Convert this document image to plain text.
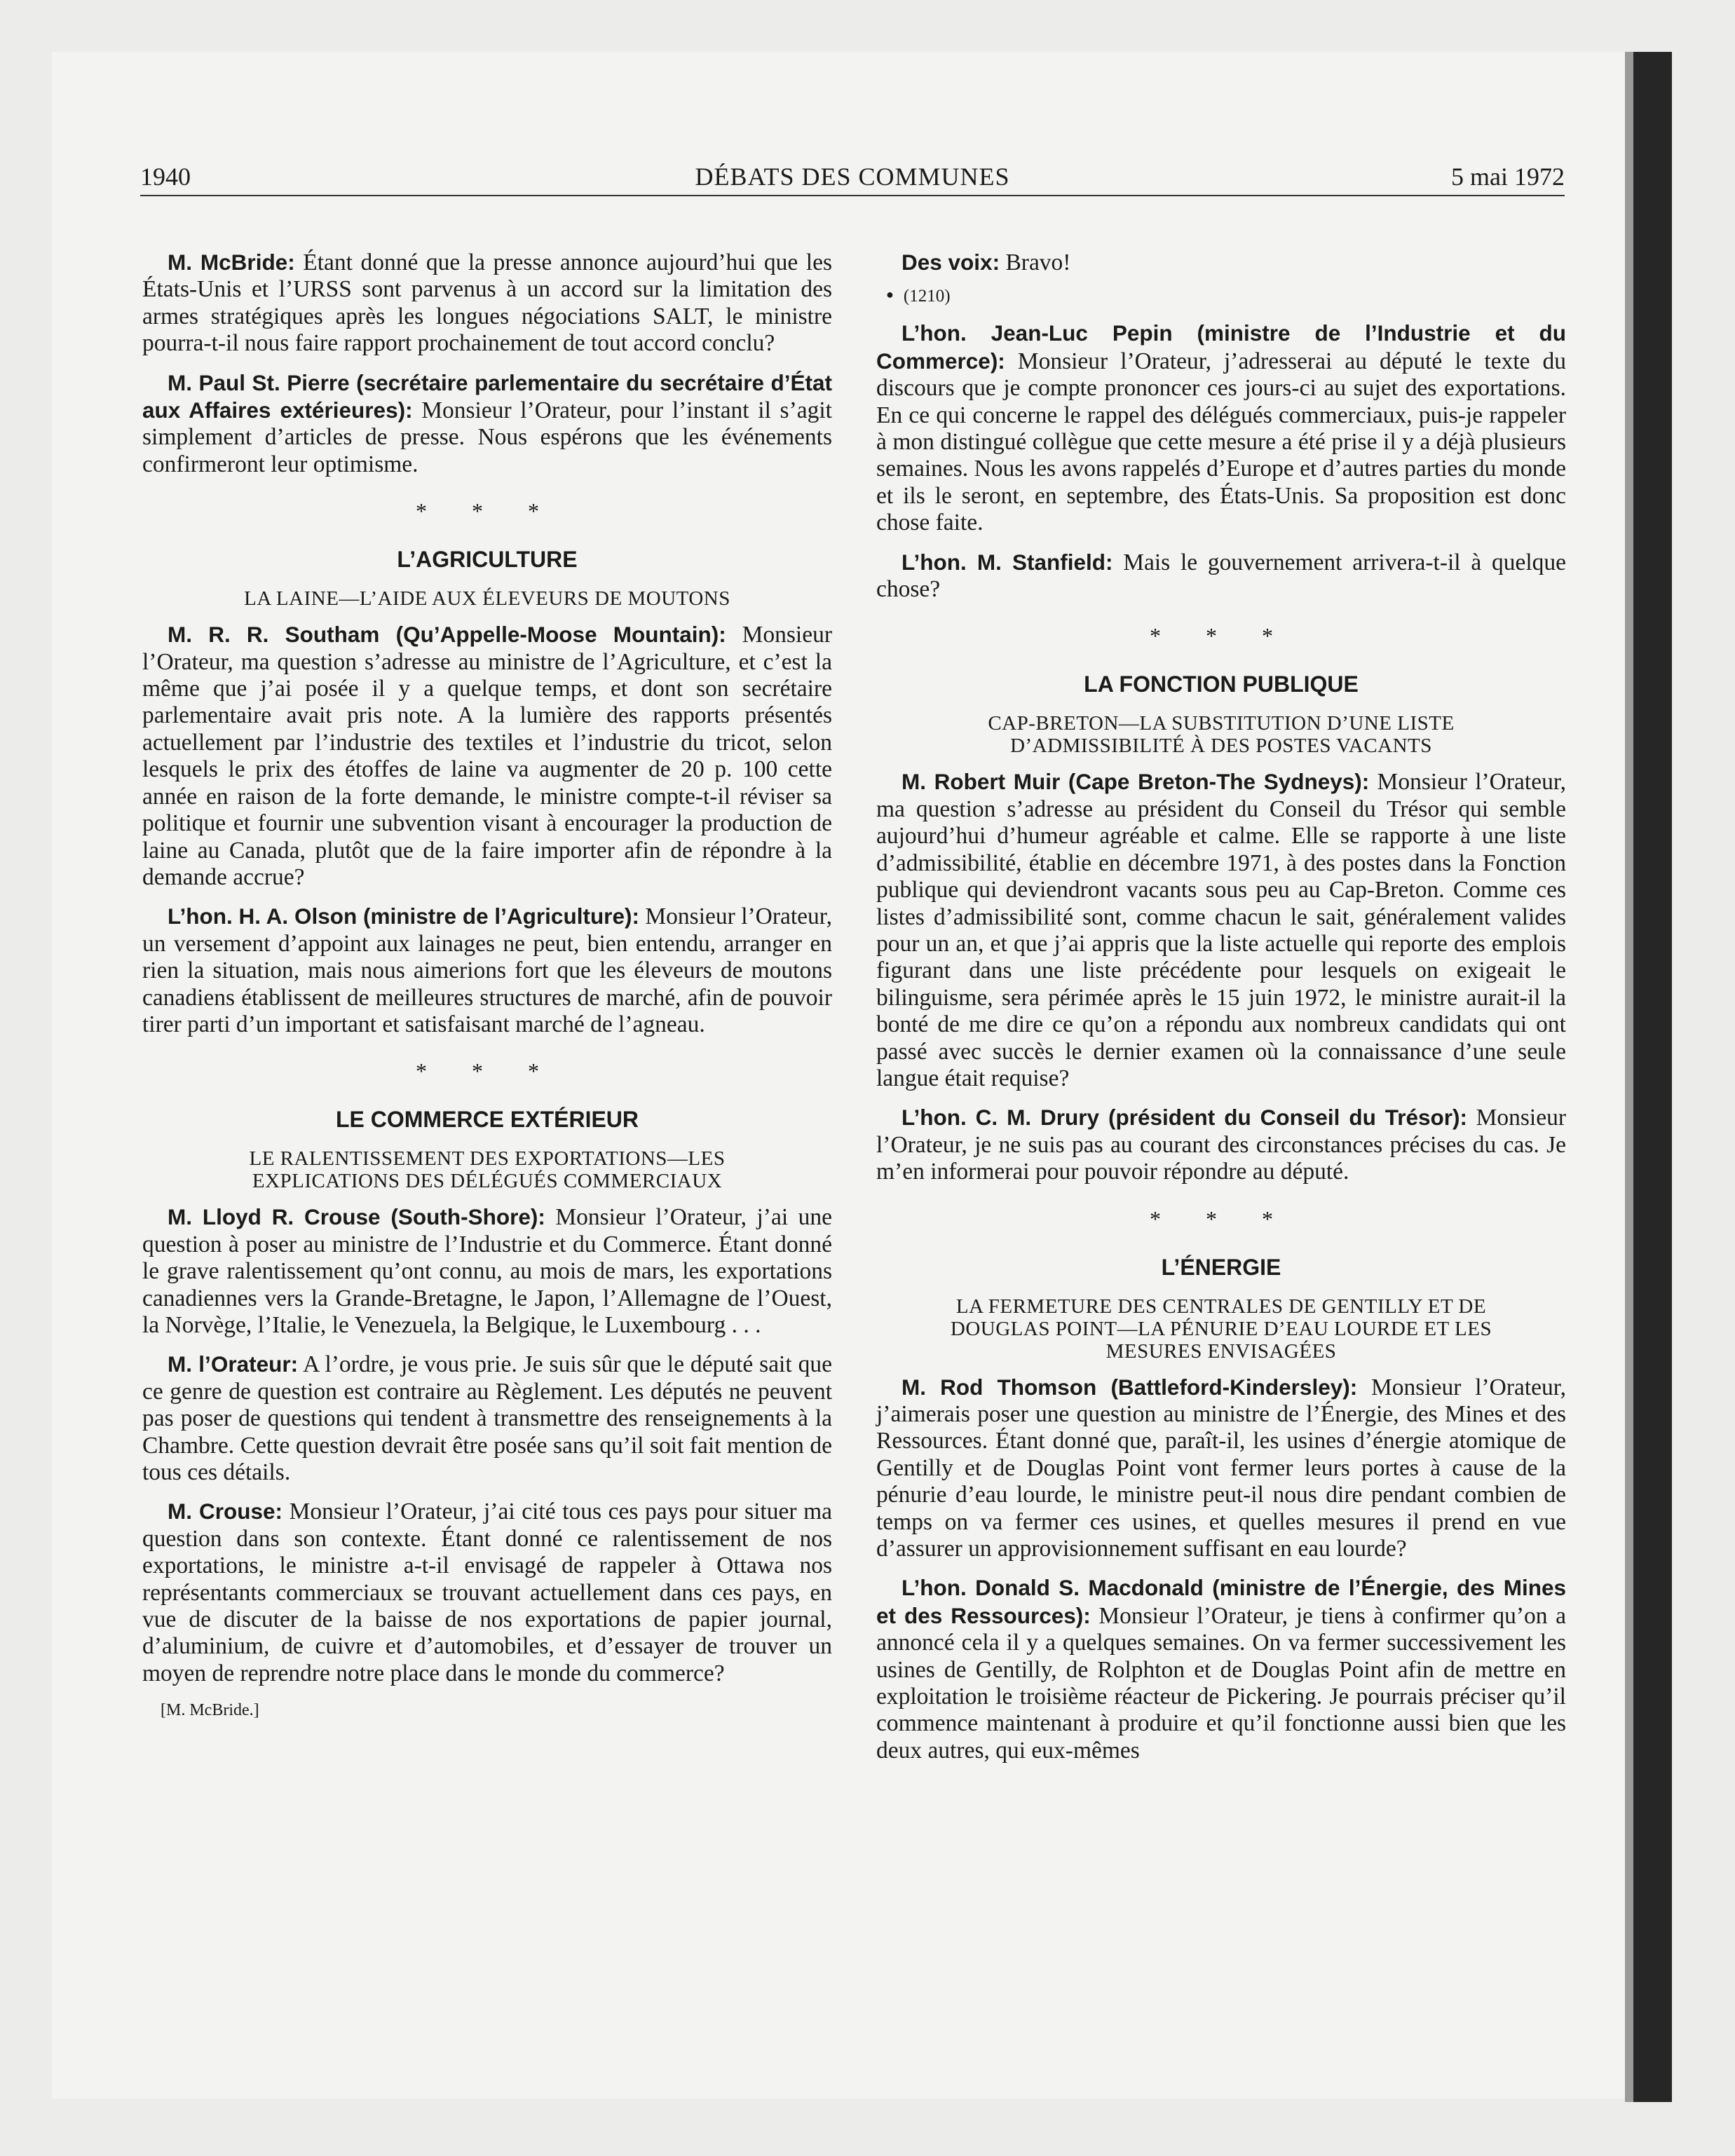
1940	DÉBATS DES COMMUNES	5 mai 1972

M. McBride: Étant donné que la presse annonce aujourd’hui que les États-Unis et l’URSS sont parvenus à un accord sur la limitation des armes stratégiques après les longues négociations SALT, le ministre pourra-t-il nous faire rapport prochainement de tout accord conclu?

M. Paul St. Pierre (secrétaire parlementaire du secrétaire d’État aux Affaires extérieures): Monsieur l’Orateur, pour l’instant il s’agit simplement d’articles de presse. Nous espérons que les événements confirmeront leur optimisme.

* * *
L’AGRICULTURE
LA LAINE—L’AIDE AUX ÉLEVEURS DE MOUTONS

M. R. R. Southam (Qu’Appelle-Moose Mountain): Monsieur l’Orateur, ma question s’adresse au ministre de l’Agriculture, et c’est la même que j’ai posée il y a quelque temps, et dont son secrétaire parlementaire avait pris note. A la lumière des rapports présentés actuellement par l’industrie des textiles et l’industrie du tricot, selon lesquels le prix des étoffes de laine va augmenter de 20 p. 100 cette année en raison de la forte demande, le ministre compte-t-il réviser sa politique et fournir une subvention visant à encourager la production de laine au Canada, plutôt que de la faire importer afin de répondre à la demande accrue?

L’hon. H. A. Olson (ministre de l’Agriculture): Monsieur l’Orateur, un versement d’appoint aux lainages ne peut, bien entendu, arranger en rien la situation, mais nous aimerions fort que les éleveurs de moutons canadiens établissent de meilleures structures de marché, afin de pouvoir tirer parti d’un important et satisfaisant marché de l’agneau.

* * *
LE COMMERCE EXTÉRIEUR
LE RALENTISSEMENT DES EXPORTATIONS—LES
EXPLICATIONS DES DÉLÉGUÉS COMMERCIAUX

M. Lloyd R. Crouse (South-Shore): Monsieur l’Orateur, j’ai une question à poser au ministre de l’Industrie et du Commerce. Étant donné le grave ralentissement qu’ont connu, au mois de mars, les exportations canadiennes vers la Grande-Bretagne, le Japon, l’Allemagne de l’Ouest, la Norvège, l’Italie, le Venezuela, la Belgique, le Luxembourg . . .

M. l’Orateur: A l’ordre, je vous prie. Je suis sûr que le député sait que ce genre de question est contraire au Règlement. Les députés ne peuvent pas poser de questions qui tendent à transmettre des renseignements à la Chambre. Cette question devrait être posée sans qu’il soit fait mention de tous ces détails.

M. Crouse: Monsieur l’Orateur, j’ai cité tous ces pays pour situer ma question dans son contexte. Étant donné ce ralentissement de nos exportations, le ministre a-t-il envisagé de rappeler à Ottawa nos représentants commerciaux se trouvant actuellement dans ces pays, en vue de discuter de la baisse de nos exportations de papier journal, d’aluminium, de cuivre et d’automobiles, et d’essayer de trouver un moyen de reprendre notre place dans le monde du commerce?

[M. McBride.]

Des voix: Bravo!

● (1210)

L’hon. Jean-Luc Pepin (ministre de l’Industrie et du Commerce): Monsieur l’Orateur, j’adresserai au député le texte du discours que je compte prononcer ces jours-ci au sujet des exportations. En ce qui concerne le rappel des délégués commerciaux, puis-je rappeler à mon distingué collègue que cette mesure a été prise il y a déjà plusieurs semaines. Nous les avons rappelés d’Europe et d’autres parties du monde et ils le seront, en septembre, des États-Unis. Sa proposition est donc chose faite.

L’hon. M. Stanfield: Mais le gouvernement arrivera-t-il à quelque chose?

* * *
LA FONCTION PUBLIQUE
CAP-BRETON—LA SUBSTITUTION D’UNE LISTE
D’ADMISSIBILITÉ À DES POSTES VACANTS

M. Robert Muir (Cape Breton-The Sydneys): Monsieur l’Orateur, ma question s’adresse au président du Conseil du Trésor qui semble aujourd’hui d’humeur agréable et calme. Elle se rapporte à une liste d’admissibilité, établie en décembre 1971, à des postes dans la Fonction publique qui deviendront vacants sous peu au Cap-Breton. Comme ces listes d’admissibilité sont, comme chacun le sait, généralement valides pour un an, et que j’ai appris que la liste actuelle qui reporte des emplois figurant dans une liste précédente pour lesquels on exigeait le bilinguisme, sera périmée après le 15 juin 1972, le ministre aurait-il la bonté de me dire ce qu’on a répondu aux nombreux candidats qui ont passé avec succès le dernier examen où la connaissance d’une seule langue était requise?

L’hon. C. M. Drury (président du Conseil du Trésor): Monsieur l’Orateur, je ne suis pas au courant des circonstances précises du cas. Je m’en informerai pour pouvoir répondre au député.

* * *
L’ÉNERGIE
LA FERMETURE DES CENTRALES DE GENTILLY ET DE
DOUGLAS POINT—LA PÉNURIE D’EAU LOURDE ET LES
MESURES ENVISAGÉES

M. Rod Thomson (Battleford-Kindersley): Monsieur l’Orateur, j’aimerais poser une question au ministre de l’Énergie, des Mines et des Ressources. Étant donné que, paraît-il, les usines d’énergie atomique de Gentilly et de Douglas Point vont fermer leurs portes à cause de la pénurie d’eau lourde, le ministre peut-il nous dire pendant combien de temps on va fermer ces usines, et quelles mesures il prend en vue d’assurer un approvisionnement suffisant en eau lourde?

L’hon. Donald S. Macdonald (ministre de l’Énergie, des Mines et des Ressources): Monsieur l’Orateur, je tiens à confirmer qu’on a annoncé cela il y a quelques semaines. On va fermer successivement les usines de Gentilly, de Rolphton et de Douglas Point afin de mettre en exploitation le troisième réacteur de Pickering. Je pourrais préciser qu’il commence maintenant à produire et qu’il fonctionne aussi bien que les deux autres, qui eux-mêmes
